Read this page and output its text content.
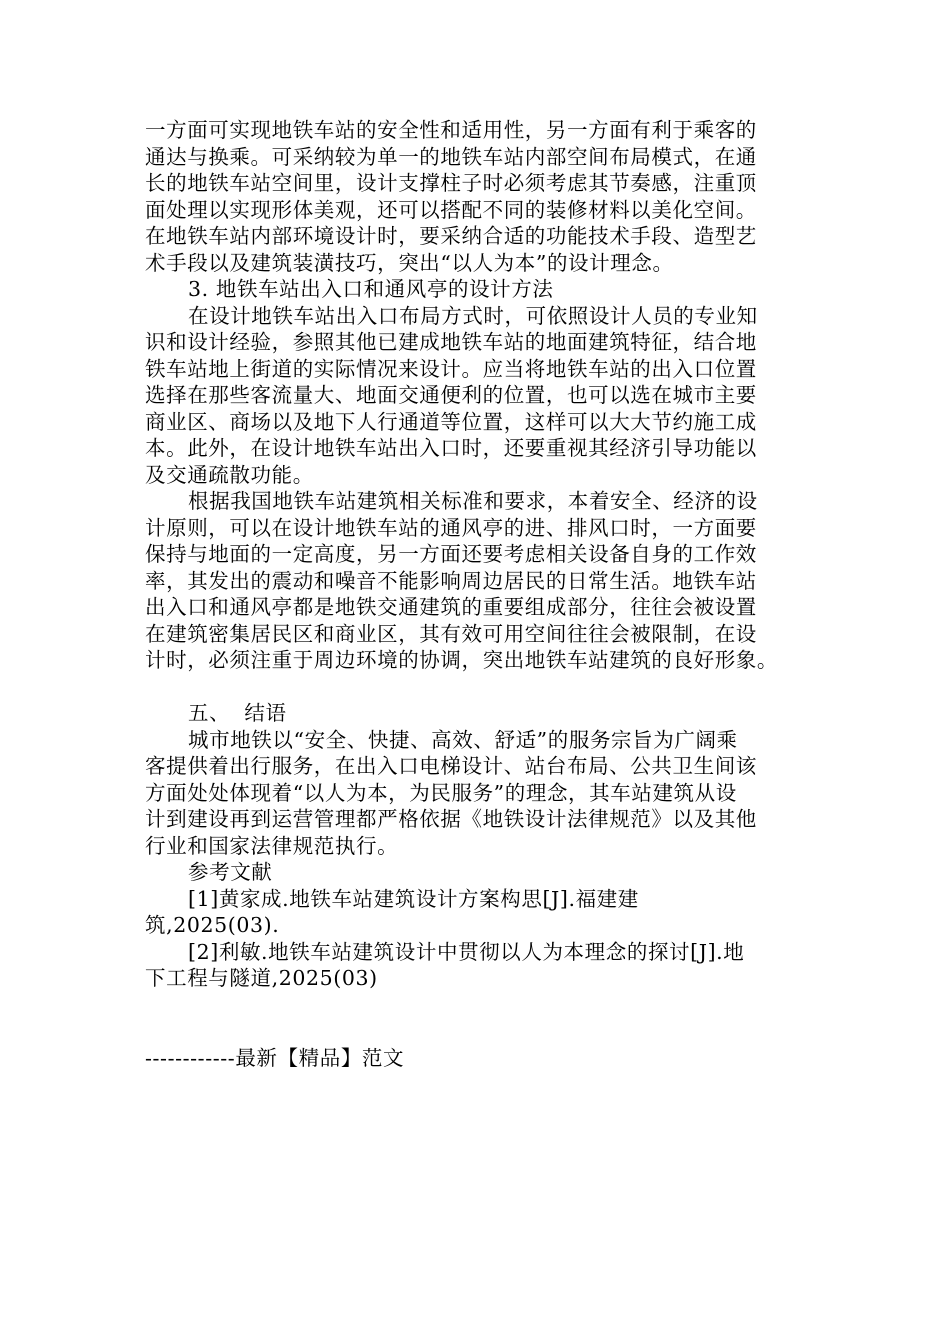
一方面可实现地铁车站的安全性和适用性，另一方面有利于乘客的
通达与换乘。可采纳较为单一的地铁车站内部空间布局模式，在通
长的地铁车站空间里，设计支撑柱子时必须考虑其节奏感，注重顶
面处理以实现形体美观，还可以搭配不同的装修材料以美化空间。
在地铁车站内部环境设计时，要采纳合适的功能技术手段、造型艺
术手段以及建筑装潢技巧，突出“以人为本”的设计理念。
3. 地铁车站出入口和通风亭的设计方法
在设计地铁车站出入口布局方式时，可依照设计人员的专业知
识和设计经验，参照其他已建成地铁车站的地面建筑特征，结合地
铁车站地上街道的实际情况来设计。应当将地铁车站的出入口位置
选择在那些客流量大、地面交通便利的位置，也可以选在城市主要
商业区、商场以及地下人行通道等位置，这样可以大大节约施工成
本。此外，在设计地铁车站出入口时，还要重视其经济引导功能以
及交通疏散功能。
根据我国地铁车站建筑相关标准和要求，本着安全、经济的设
计原则，可以在设计地铁车站的通风亭的进、排风口时，一方面要
保持与地面的一定高度，另一方面还要考虑相关设备自身的工作效
率，其发出的震动和噪音不能影响周边居民的日常生活。地铁车站
出入口和通风亭都是地铁交通建筑的重要组成部分，往往会被设置
在建筑密集居民区和商业区，其有效可用空间往往会被限制，在设
计时，必须注重于周边环境的协调，突出地铁车站建筑的良好形象。
五、  结语
城市地铁以“安全、快捷、高效、舒适”的服务宗旨为广阔乘
客提供着出行服务，在出入口电梯设计、站台布局、公共卫生间该
方面处处体现着“以人为本，为民服务”的理念，其车站建筑从设
计到建设再到运营管理都严格依据《地铁设计法律规范》以及其他
行业和国家法律规范执行。
参考文献
[1]黄家成.地铁车站建筑设计方案构思[J].福建建
筑,2025(03).
[2]利敏.地铁车站建筑设计中贯彻以人为本理念的探讨[J].地
下工程与隧道,2025(03)
------------最新【精品】范文
